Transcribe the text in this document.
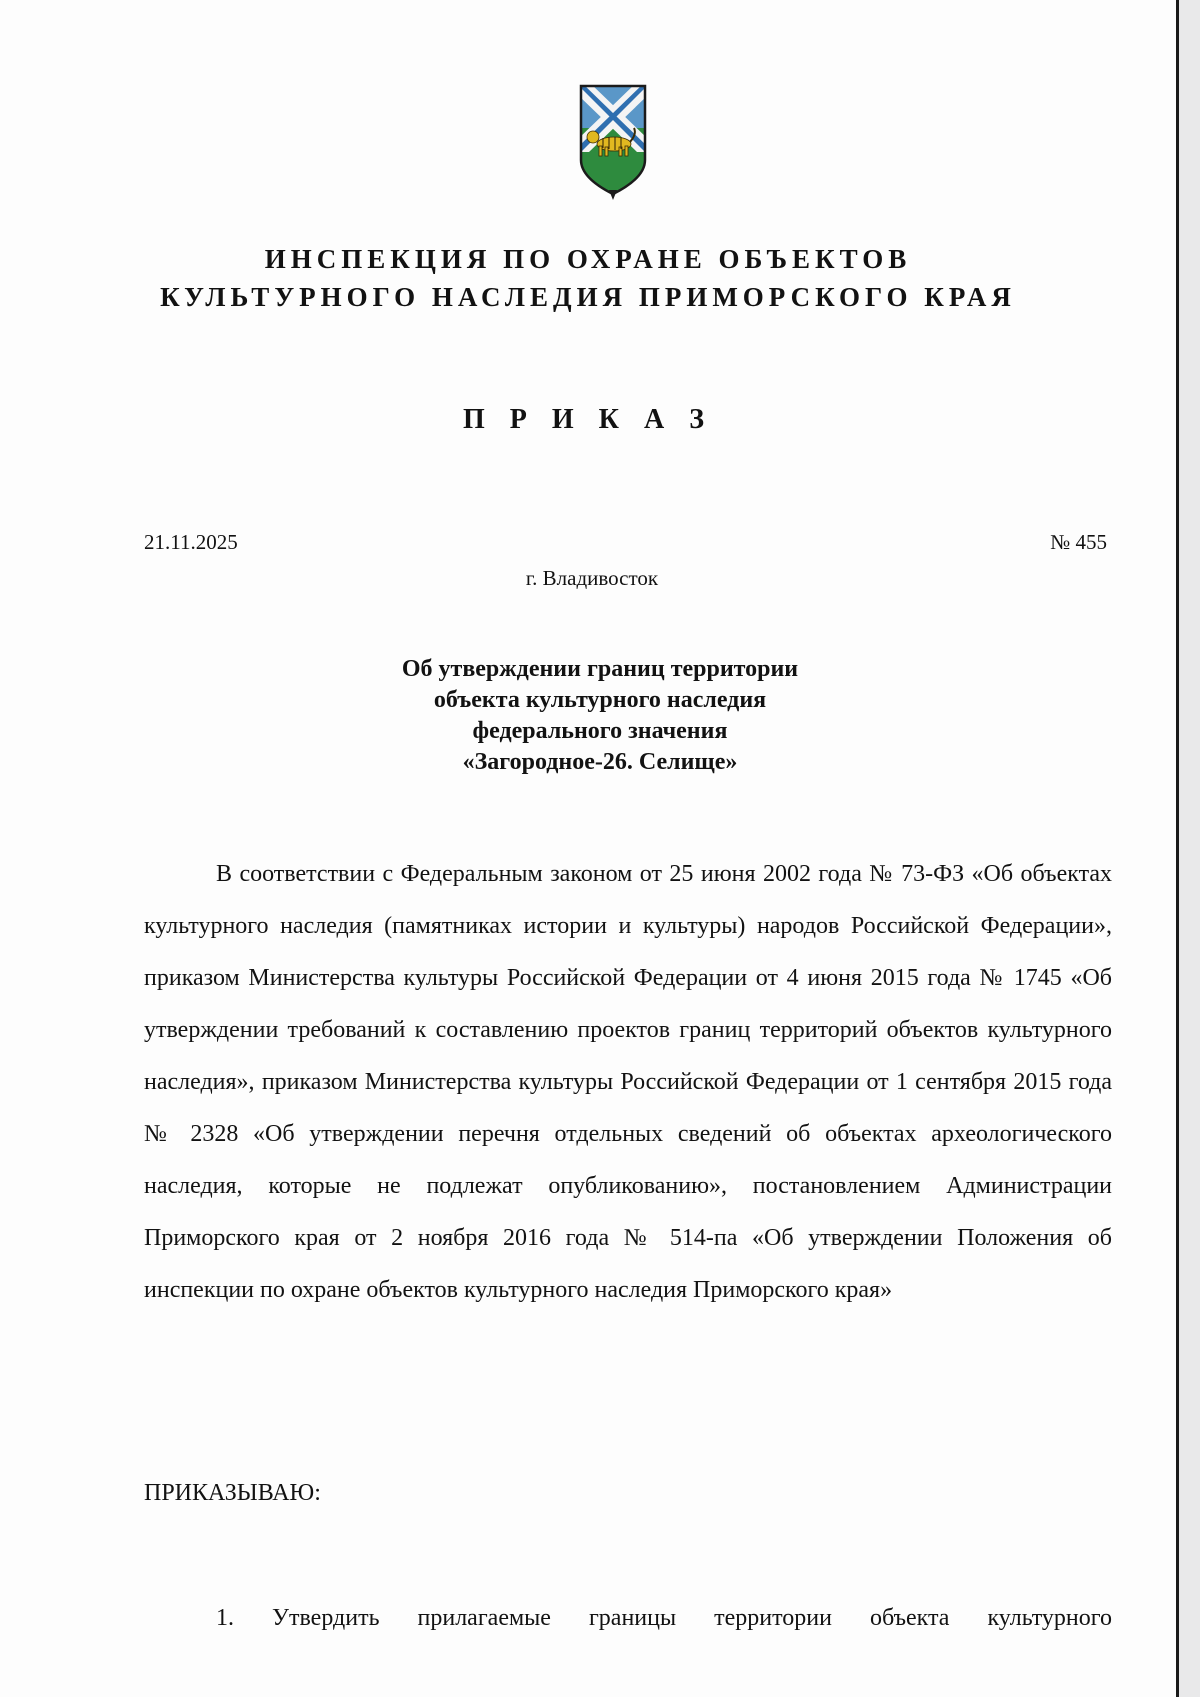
ИНСПЕКЦИЯ ПО ОХРАНЕ ОБЪЕКТОВ
КУЛЬТУРНОГО НАСЛЕДИЯ ПРИМОРСКОГО КРАЯ
П Р И К А З
21.11.2025	№ 455
г. Владивосток
Об утверждении границ территории
объекта культурного наследия
федерального значения
«Загородное-26. Селище»

В соответствии с Федеральным законом от 25 июня 2002 года № 73-ФЗ «Об объектах культурного наследия (памятниках истории и культуры) народов Российской Федерации», приказом Министерства культуры Российской Федерации от 4 июня 2015 года № 1745 «Об утверждении требований к составлению проектов границ территорий объектов культурного наследия», приказом Министерства культуры Российской Федерации от 1 сентября 2015 года № 2328 «Об утверждении перечня отдельных сведений об объектах археологического наследия, которые не подлежат опубликованию», постановлением Администрации Приморского края от 2 ноября 2016 года № 514-па «Об утверждении Положения об инспекции по охране объектов культурного наследия Приморского края»

ПРИКАЗЫВАЮ:

1. Утвердить прилагаемые границы территории объекта культурного
